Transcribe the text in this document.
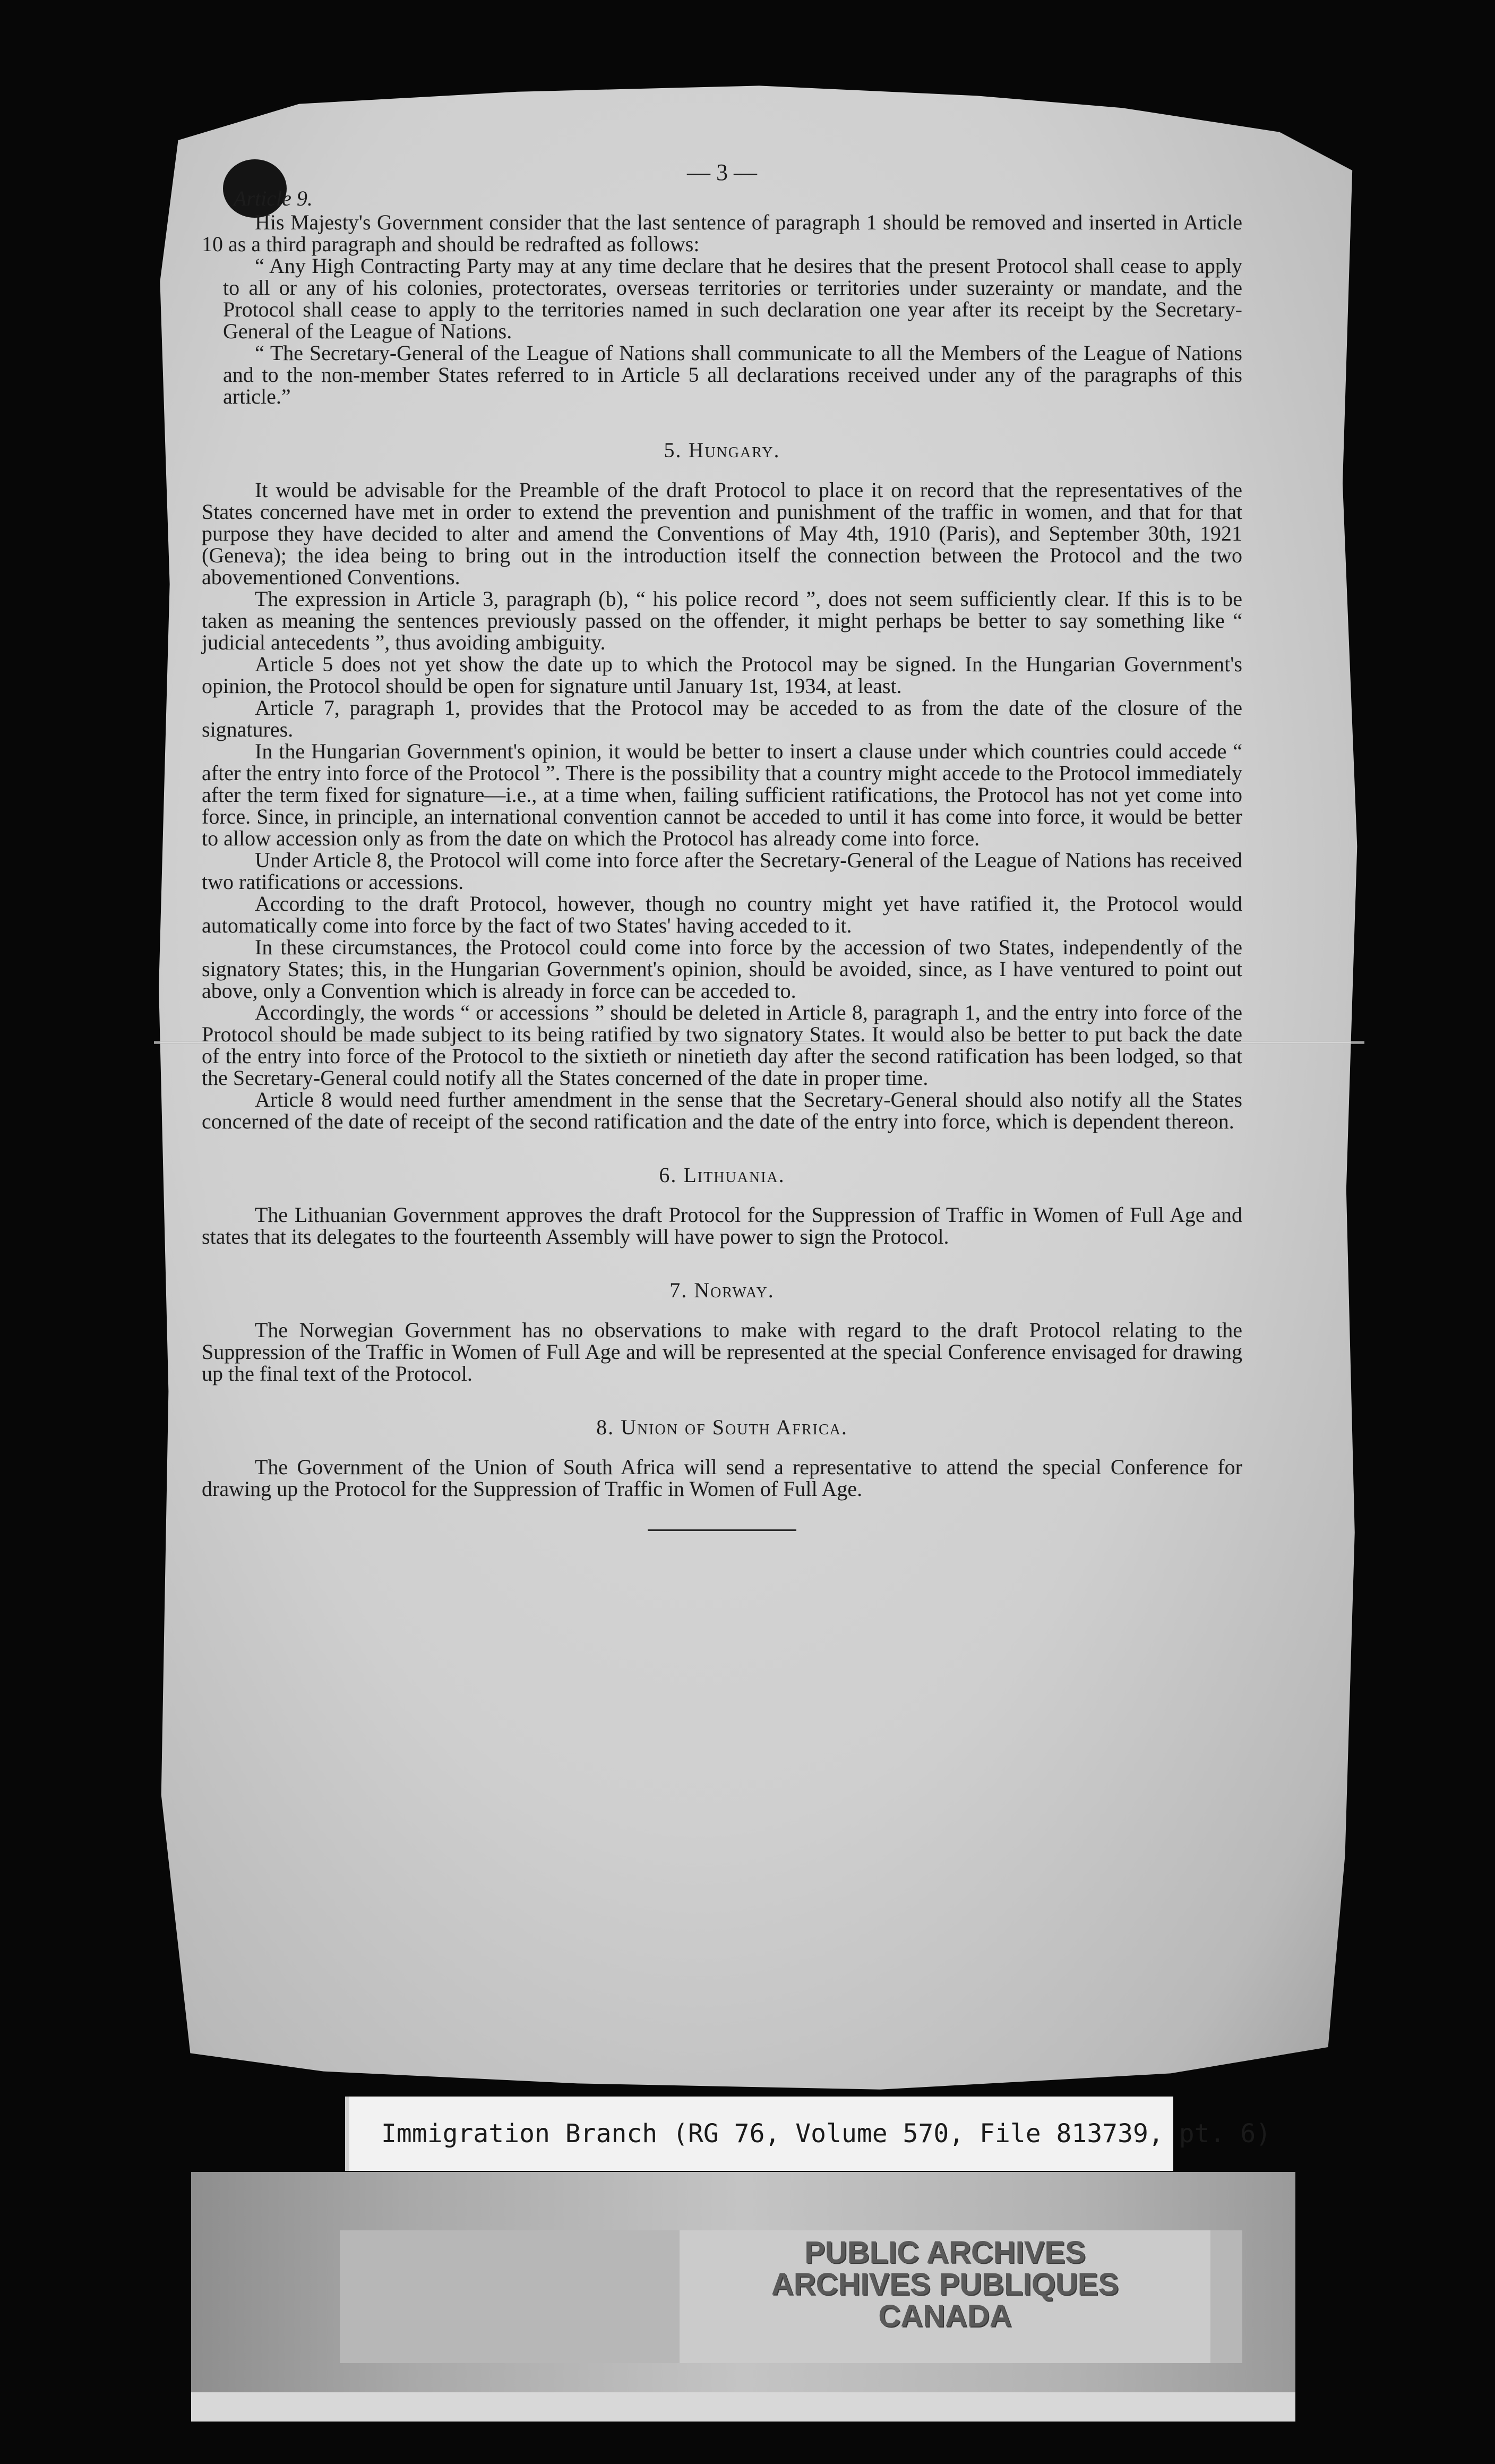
— 3 —
Article 9.

His Majesty's Government consider that the last sentence of paragraph 1 should be removed and inserted in Article 10 as a third paragraph and should be redrafted as follows:

“ Any High Contracting Party may at any time declare that he desires that the present Protocol shall cease to apply to all or any of his colonies, protectorates, overseas territories or territories under suzerainty or mandate, and the Protocol shall cease to apply to the territories named in such declaration one year after its receipt by the Secretary-General of the League of Nations.

“ The Secretary-General of the League of Nations shall communicate to all the Members of the League of Nations and to the non-member States referred to in Article 5 all declarations received under any of the paragraphs of this article.”

5. Hungary.

It would be advisable for the Preamble of the draft Protocol to place it on record that the representatives of the States concerned have met in order to extend the prevention and punishment of the traffic in women, and that for that purpose they have decided to alter and amend the Conventions of May 4th, 1910 (Paris), and September 30th, 1921 (Geneva); the idea being to bring out in the introduction itself the connection between the Protocol and the two abovementioned Conventions.

The expression in Article 3, paragraph (b), “ his police record ”, does not seem sufficiently clear. If this is to be taken as meaning the sentences previously passed on the offender, it might perhaps be better to say something like “ judicial antecedents ”, thus avoiding ambiguity.

Article 5 does not yet show the date up to which the Protocol may be signed. In the Hungarian Government's opinion, the Protocol should be open for signature until January 1st, 1934, at least.

Article 7, paragraph 1, provides that the Protocol may be acceded to as from the date of the closure of the signatures.

In the Hungarian Government's opinion, it would be better to insert a clause under which countries could accede “ after the entry into force of the Protocol ”. There is the possibility that a country might accede to the Protocol immediately after the term fixed for signature—i.e., at a time when, failing sufficient ratifications, the Protocol has not yet come into force. Since, in principle, an international convention cannot be acceded to until it has come into force, it would be better to allow accession only as from the date on which the Protocol has already come into force.

Under Article 8, the Protocol will come into force after the Secretary-General of the League of Nations has received two ratifications or accessions.

According to the draft Protocol, however, though no country might yet have ratified it, the Protocol would automatically come into force by the fact of two States' having acceded to it.

In these circumstances, the Protocol could come into force by the accession of two States, independently of the signatory States; this, in the Hungarian Government's opinion, should be avoided, since, as I have ventured to point out above, only a Convention which is already in force can be acceded to.

Accordingly, the words “ or accessions ” should be deleted in Article 8, paragraph 1, and the entry into force of the Protocol should be made subject to its being ratified by two signatory States. It would also be better to put back the date of the entry into force of the Protocol to the sixtieth or ninetieth day after the second ratification has been lodged, so that the Secretary-General could notify all the States concerned of the date in proper time.

Article 8 would need further amendment in the sense that the Secretary-General should also notify all the States concerned of the date of receipt of the second ratification and the date of the entry into force, which is dependent thereon.

6. Lithuania.

The Lithuanian Government approves the draft Protocol for the Suppression of Traffic in Women of Full Age and states that its delegates to the fourteenth Assembly will have power to sign the Protocol.

7. Norway.

The Norwegian Government has no observations to make with regard to the draft Protocol relating to the Suppression of the Traffic in Women of Full Age and will be represented at the special Conference envisaged for drawing up the final text of the Protocol.

8. Union of South Africa.

The Government of the Union of South Africa will send a representative to attend the special Conference for drawing up the Protocol for the Suppression of Traffic in Women of Full Age.

Immigration Branch (RG 76, Volume 570, File 813739, pt. 6)
PUBLIC ARCHIVES
ARCHIVES PUBLIQUES
CANADA
